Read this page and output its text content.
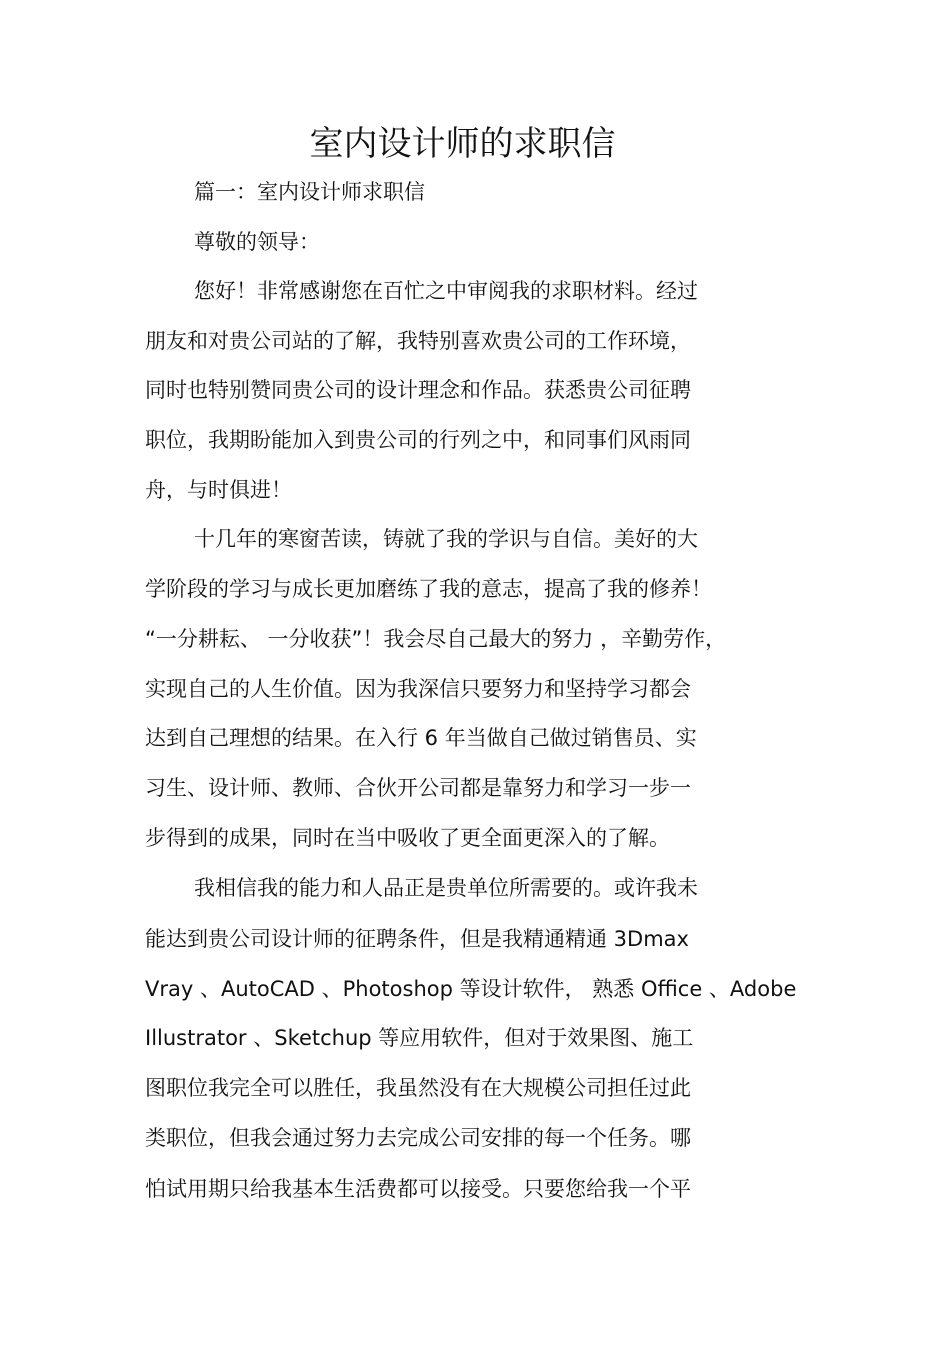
室内设计师的求职信
篇一：室内设计师求职信
尊敬的领导：
您好！非常感谢您在百忙之中审阅我的求职材料。经过
朋友和对贵公司站的了解，我特别喜欢贵公司的工作环境，
同时也特别赞同贵公司的设计理念和作品。获悉贵公司征聘
职位，我期盼能加入到贵公司的行列之中，和同事们风雨同
舟，与时俱进！
十几年的寒窗苦读，铸就了我的学识与自信。美好的大
学阶段的学习与成长更加磨练了我的意志，提高了我的修养！
“一分耕耘、 一分收获”！我会尽自己最大的努力 ，辛勤劳作，
实现自己的人生价值。因为我深信只要努力和坚持学习都会
达到自己理想的结果。在入行 6 年当做自己做过销售员、实
习生、设计师、教师、合伙开公司都是靠努力和学习一步一
步得到的成果，同时在当中吸收了更全面更深入的了解。
我相信我的能力和人品正是贵单位所需要的。或许我未
能达到贵公司设计师的征聘条件，但是我精通精通 3Dmax
Vray 、AutoCAD 、Photoshop 等设计软件， 熟悉 Office 、Adobe
Illustrator 、Sketchup 等应用软件，但对于效果图、施工
图职位我完全可以胜任，我虽然没有在大规模公司担任过此
类职位，但我会通过努力去完成公司安排的每一个任务。哪
怕试用期只给我基本生活费都可以接受。只要您给我一个平
